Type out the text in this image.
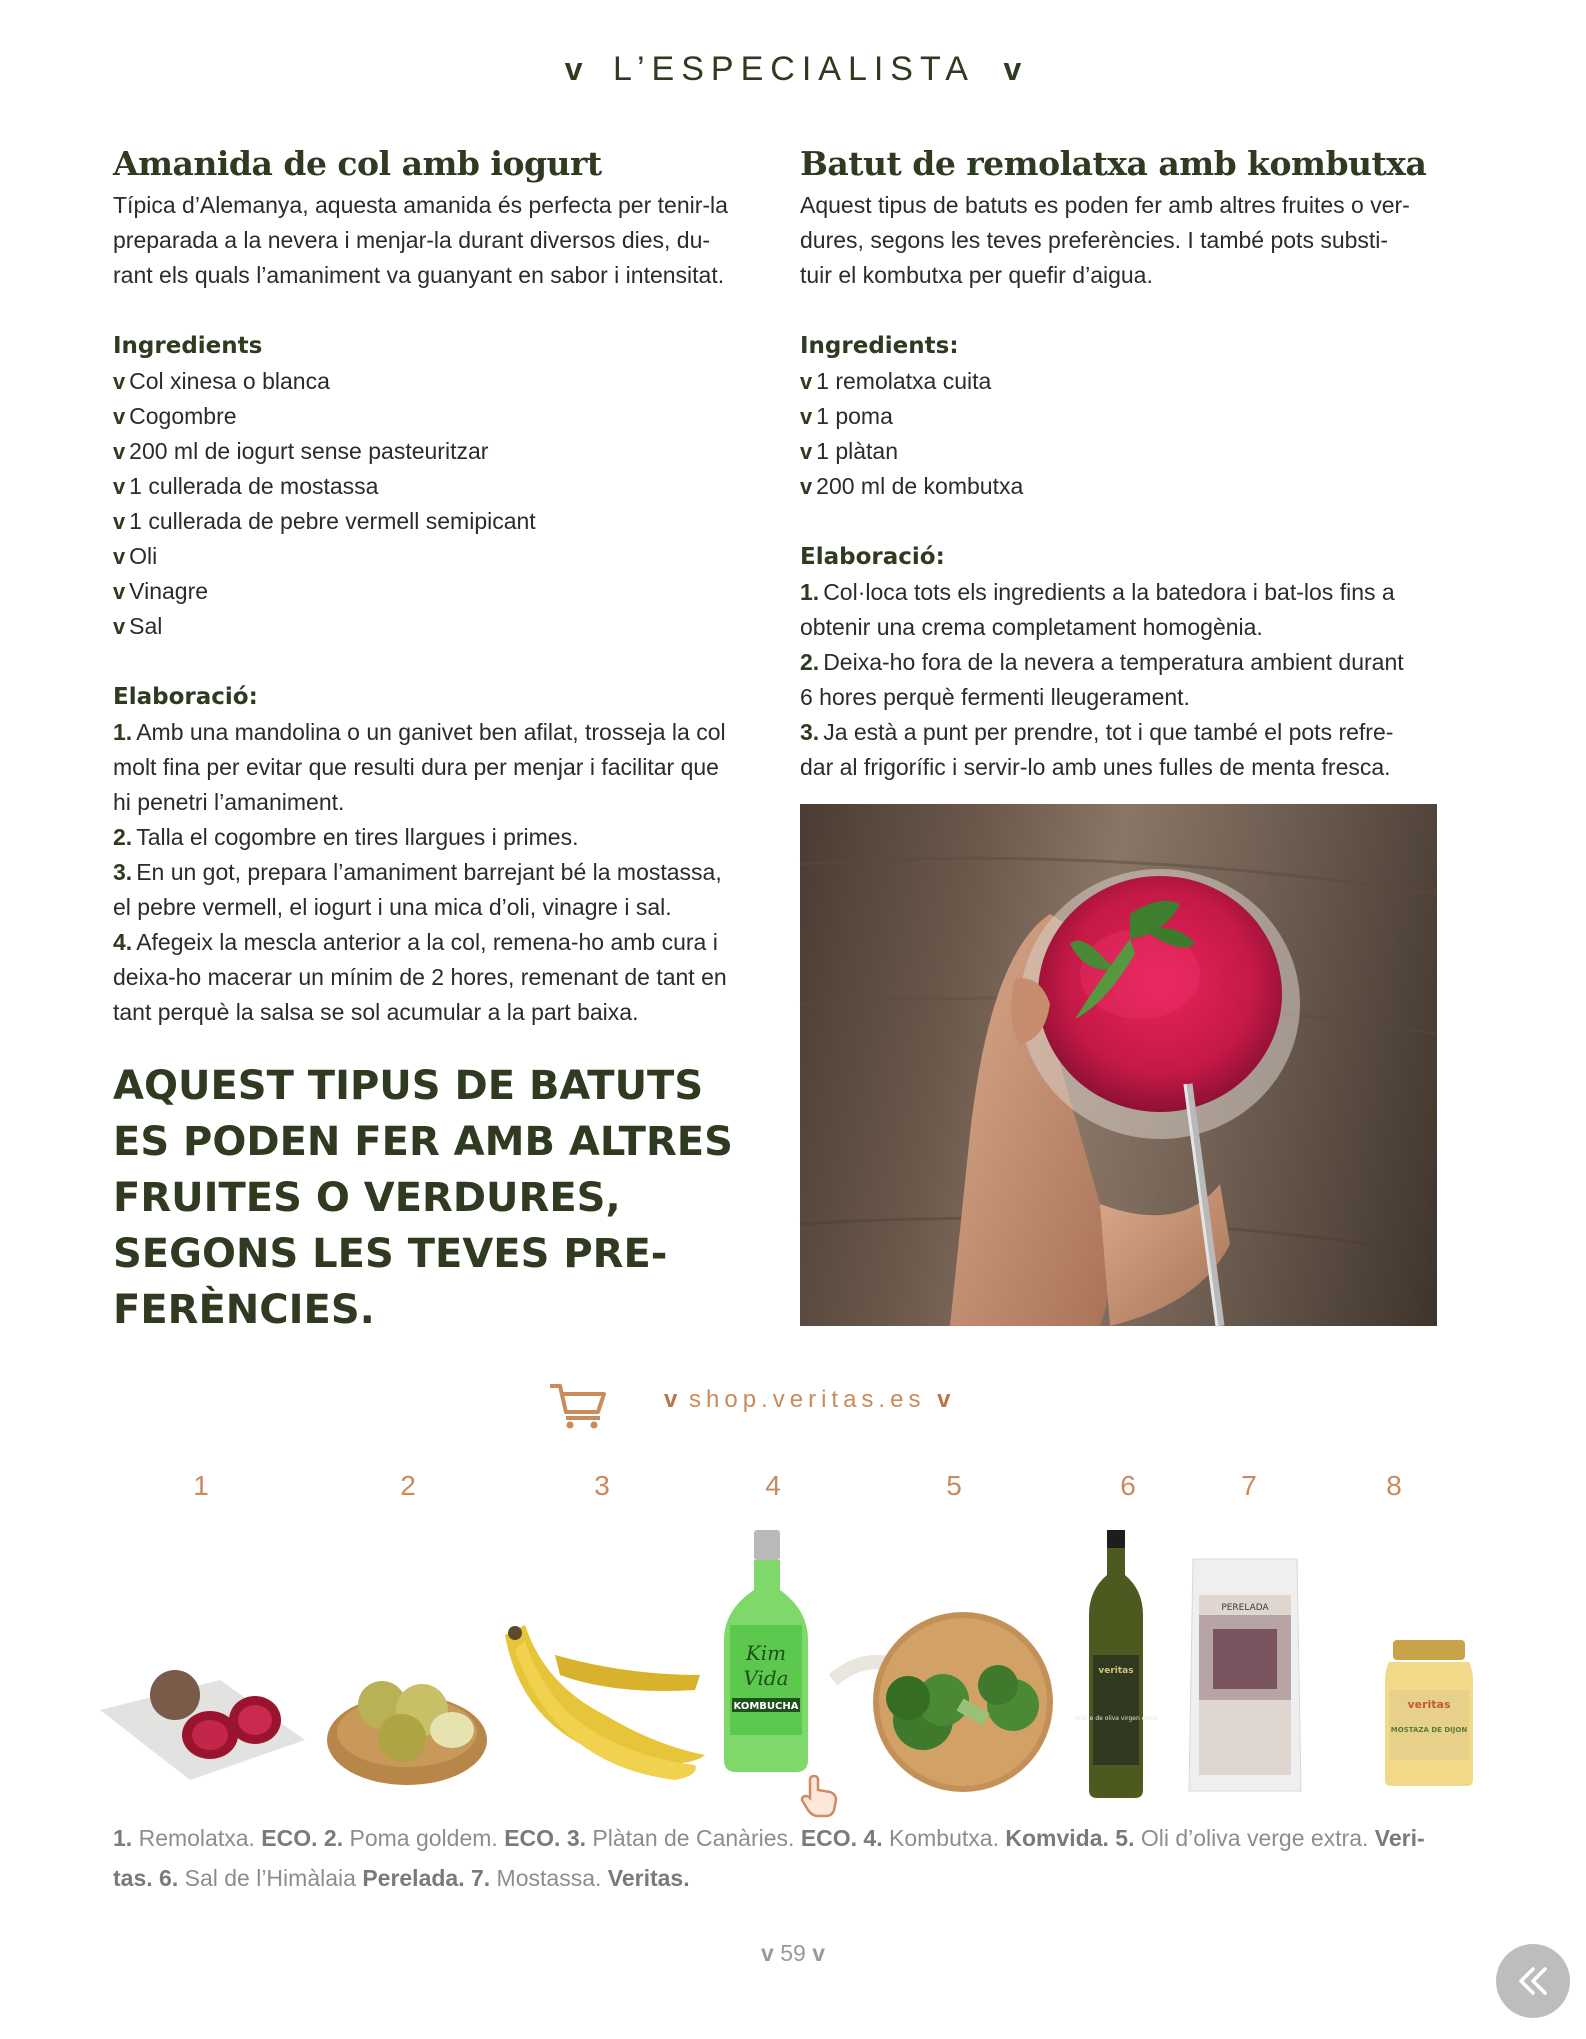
v L’ESPECIALISTA v
Amanida de col amb iogurt
Típica d’Alemanya, aquesta amanida és perfecta per tenir-la
preparada a la nevera i menjar-la durant diversos dies, du-
rant els quals l’amaniment va guanyant en sabor i intensitat.
Ingredients
v Col xinesa o blanca
v Cogombre
v 200 ml de iogurt sense pasteuritzar
v 1 cullerada de mostassa
v 1 cullerada de pebre vermell semipicant
v Oli
v Vinagre
v Sal
Elaboració:
1. Amb una mandolina o un ganivet ben afilat, trosseja la col
molt fina per evitar que resulti dura per menjar i facilitar que
hi penetri l’amaniment.
2. Talla el cogombre en tires llargues i primes.
3. En un got, prepara l’amaniment barrejant bé la mostassa,
el pebre vermell, el iogurt i una mica d’oli, vinagre i sal.
4. Afegeix la mescla anterior a la col, remena-ho amb cura i
deixa-ho macerar un mínim de 2 hores, remenant de tant en
tant perquè la salsa se sol acumular a la part baixa.
Batut de remolatxa amb kombutxa
Aquest tipus de batuts es poden fer amb altres fruites o ver-
dures, segons les teves preferències. I també pots substi-
tuir el kombutxa per quefir d’aigua.
Ingredients:
v 1 remolatxa cuita
v 1 poma
v 1 plàtan
v 200 ml de kombutxa
Elaboració:
1. Col·loca tots els ingredients a la batedora i bat-los fins a
obtenir una crema completament homogènia.
2. Deixa-ho fora de la nevera a temperatura ambient durant
6 hores perquè fermenti lleugerament.
3. Ja està a punt per prendre, tot i que també el pots refre-
dar al frigorífic i servir-lo amb unes fulles de menta fresca.
AQUEST TIPUS DE BATUTS
ES PODEN FER AMB ALTRES
FRUITES O VERDURES,
SEGONS LES TEVES PRE-
FERÈNCIES.
v shop.veritas.es v
1	2	3	4	5	6	7	8
Kim
Vida
KOMBUCHA
veritas
Aceite de oliva virgen extra
PERELADA
veritas
MOSTAZA DE DIJON
1. Remolatxa. ECO. 2. Poma goldem. ECO. 3. Plàtan de Canàries. ECO. 4. Kombutxa. Komvida. 5. Oli d’oliva verge extra. Veri-
tas. 6. Sal de l’Himàlaia Perelada. 7. Mostassa. Veritas.
v 59 v
